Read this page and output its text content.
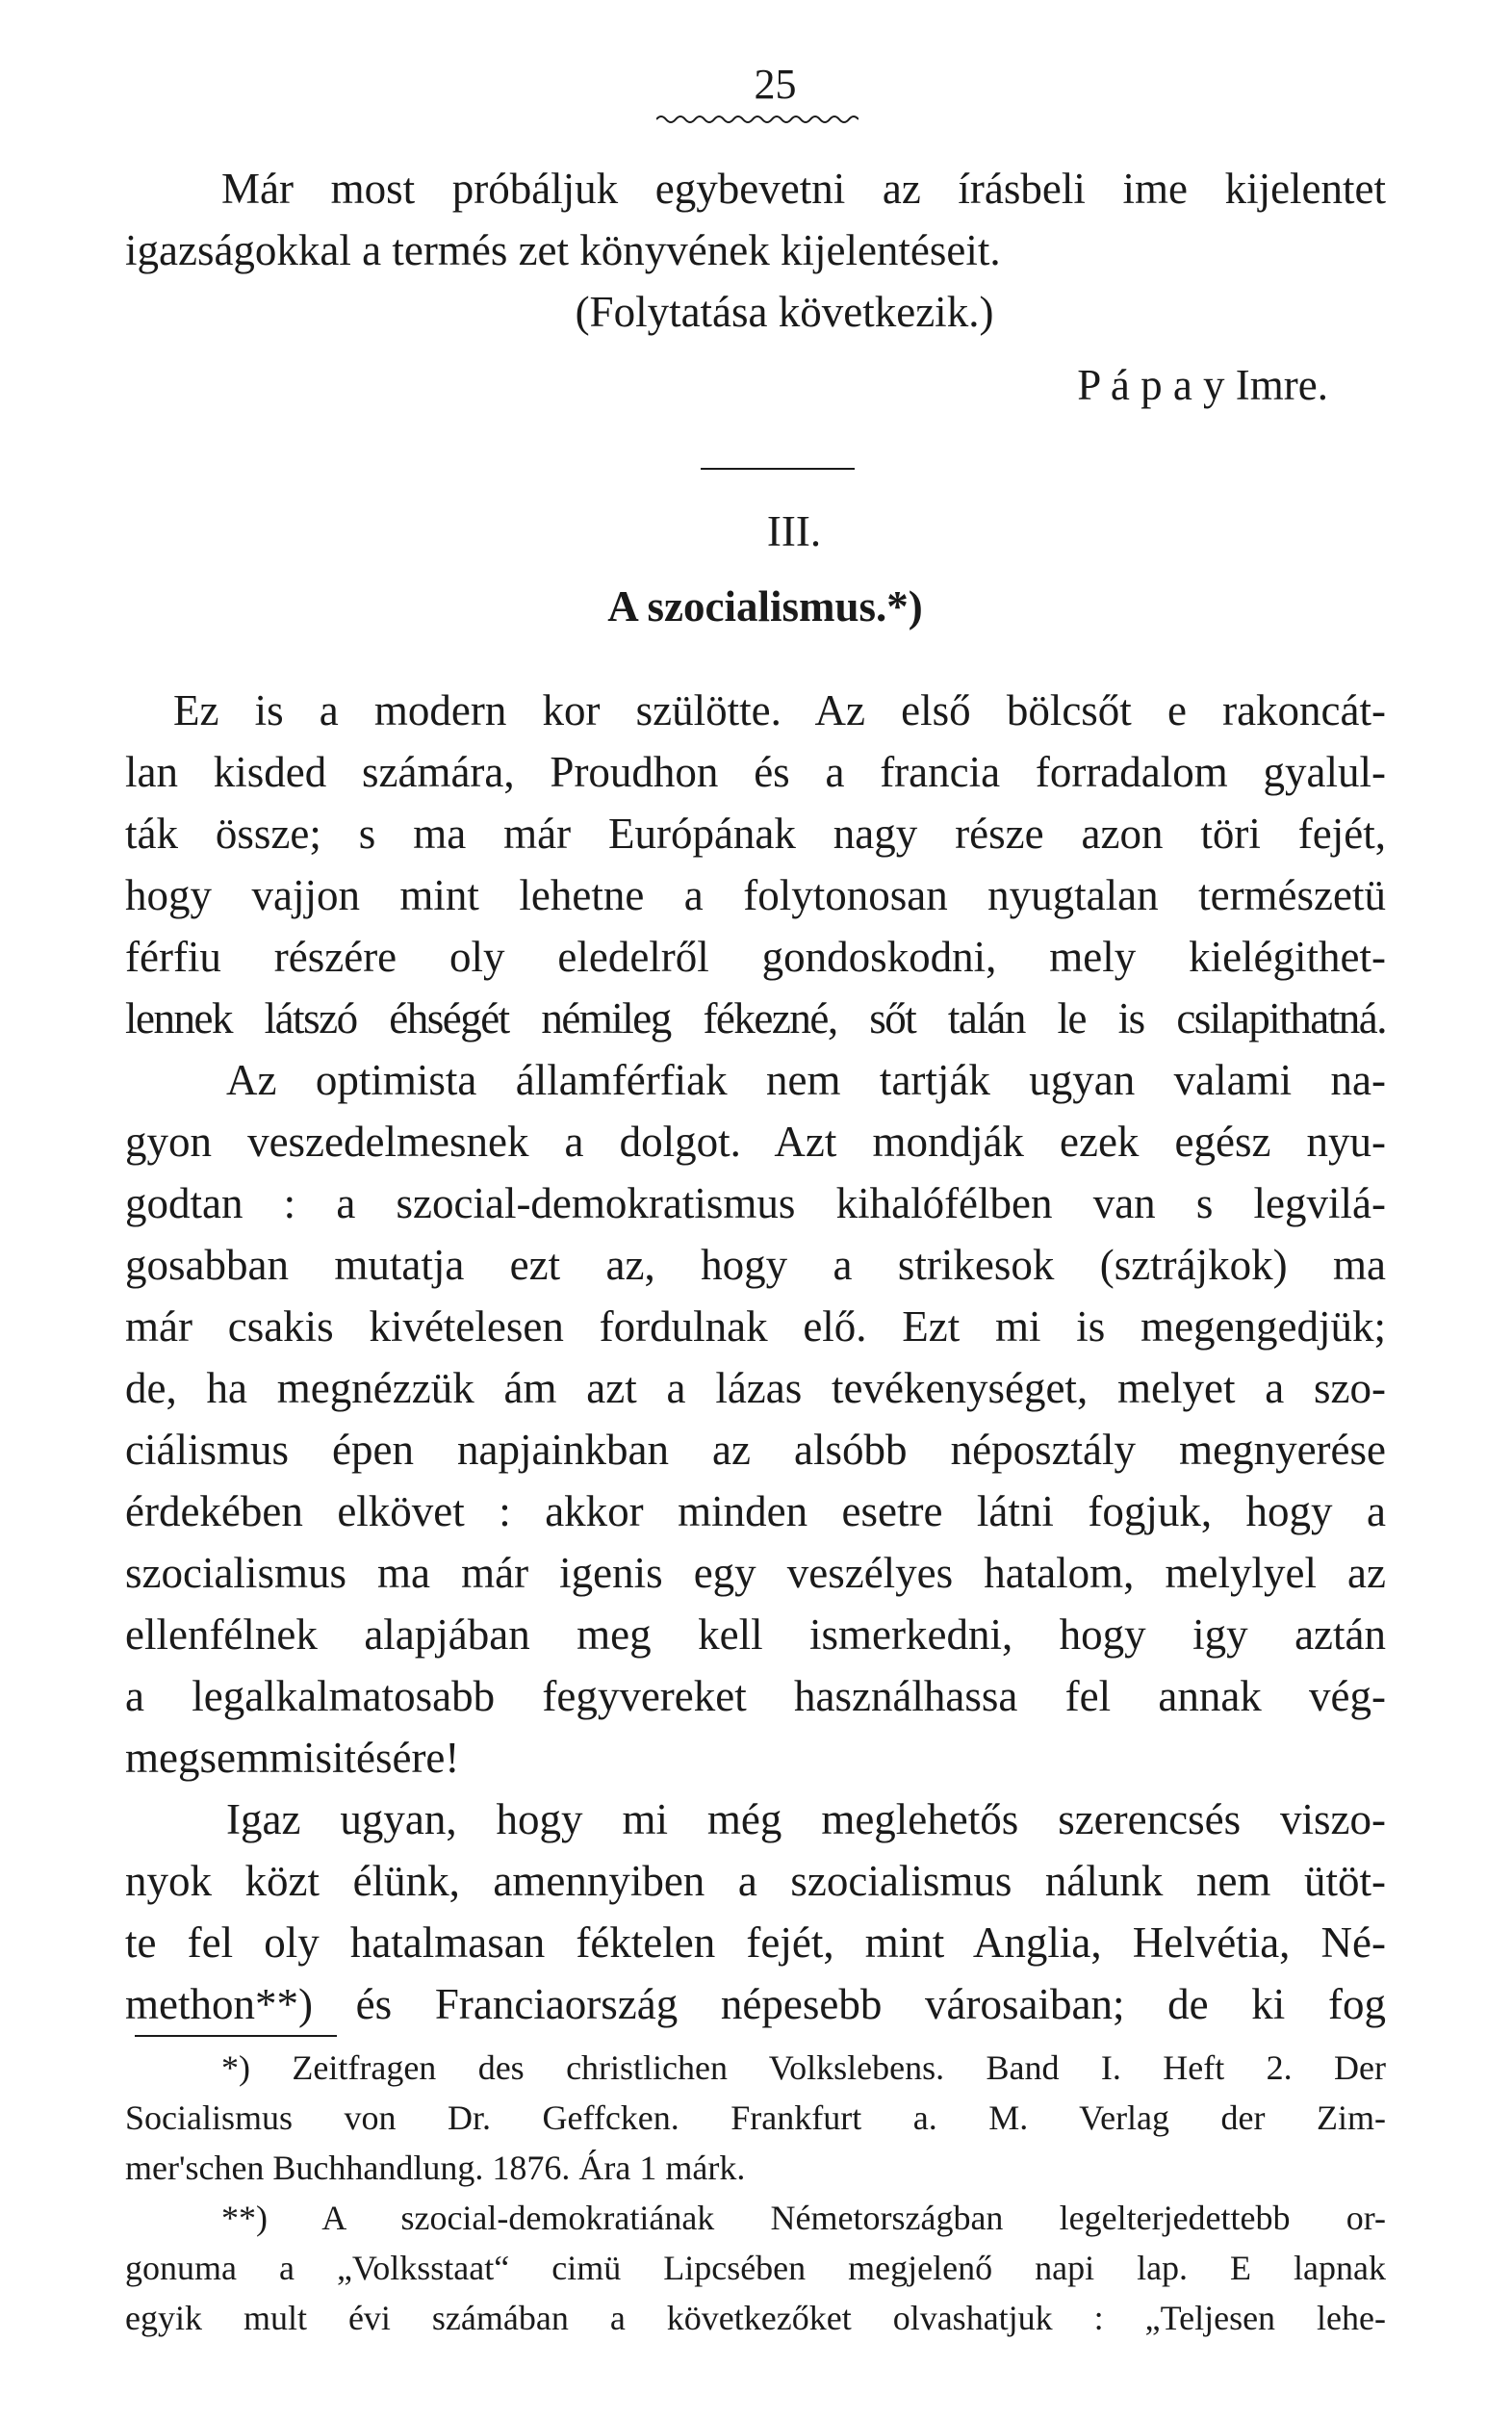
25
Már most próbáljuk egybevetni az írásbeli ime kijelentet
igazságokkal a termés zet könyvének kijelentéseit.
(Folytatása következik.)
P á p a y Imre.
III.
A szocialismus.*)
Ez is a modern kor szülötte. Az első bölcsőt e rakoncát-
lan kisded számára, Proudhon és a francia forradalom gyalul-
ták össze; s ma már Európának nagy része azon töri fejét,
hogy vajjon mint lehetne a folytonosan nyugtalan természetü
férfiu részére oly eledelről gondoskodni, mely kielégithet-
lennek látszó éhségét némileg fékezné, sőt talán le is csilapithatná.
Az optimista államférfiak nem tartják ugyan valami na-
gyon veszedelmesnek a dolgot. Azt mondják ezek egész nyu-
godtan : a szocial-demokratismus kihalófélben van s legvilá-
gosabban mutatja ezt az, hogy a strikesok (sztrájkok) ma
már csakis kivételesen fordulnak elő. Ezt mi is megengedjük;
de, ha megnézzük ám azt a lázas tevékenységet, melyet a szo-
ciálismus épen napjainkban az alsóbb néposztály megnyerése
érdekében elkövet : akkor minden esetre látni fogjuk, hogy a
szocialismus ma már igenis egy veszélyes hatalom, melylyel az
ellenfélnek alapjában meg kell ismerkedni, hogy igy aztán
a legalkalmatosabb fegyvereket használhassa fel annak vég-
megsemmisitésére!
Igaz ugyan, hogy mi még meglehetős szerencsés viszo-
nyok közt élünk, amennyiben a szocialismus nálunk nem ütöt-
te fel oly hatalmasan féktelen fejét, mint Anglia, Helvétia, Né-
methon**) és Franciaország népesebb városaiban; de ki fog
*) Zeitfragen des christlichen Volkslebens. Band I. Heft 2. Der
Socialismus von Dr. Geffcken. Frankfurt a. M. Verlag der Zim-
mer'schen Buchhandlung. 1876. Ára 1 márk.
**) A szocial-demokratiának Németországban legelterjedettebb or-
gonuma a „Volksstaat“ cimü Lipcsében megjelenő napi lap. E lapnak
egyik mult évi számában a következőket olvashatjuk : „Teljesen lehe-
